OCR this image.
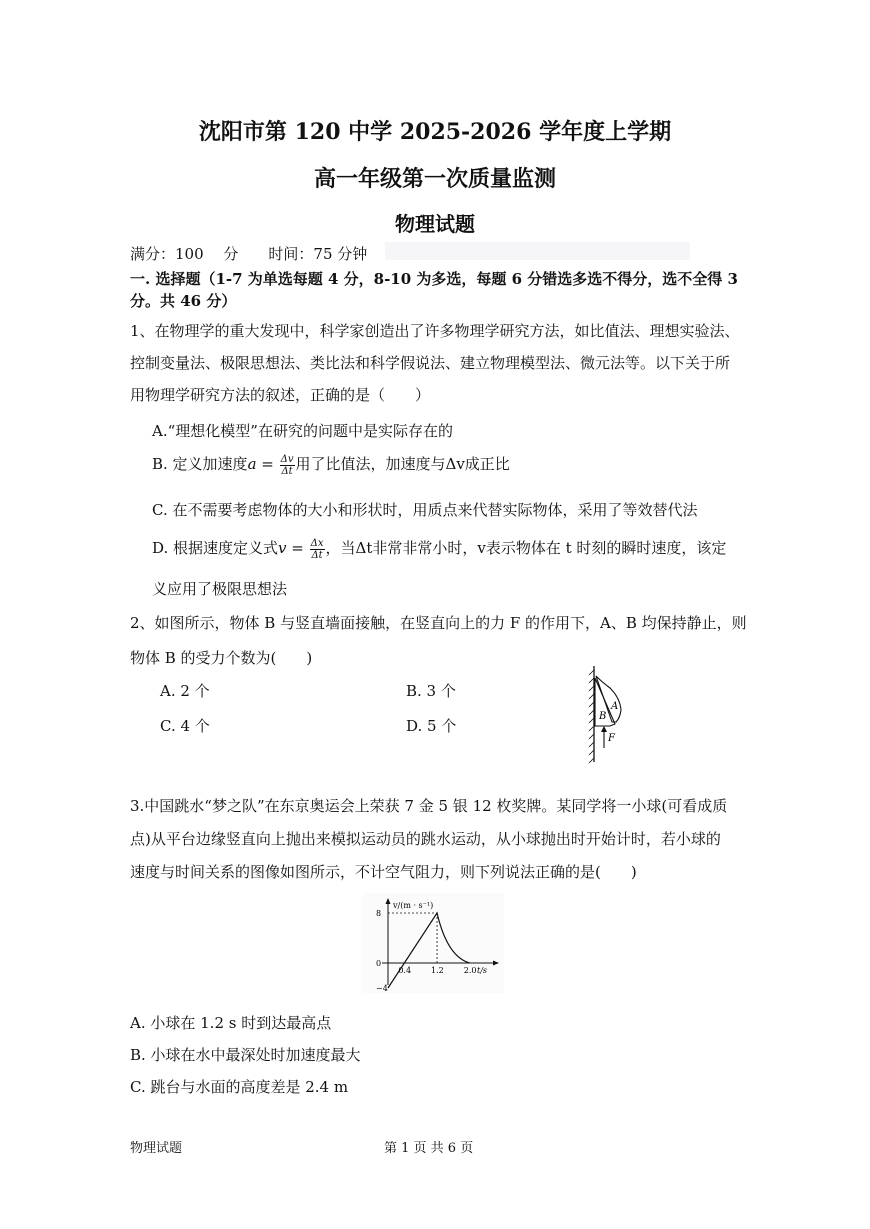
沈阳市第 120 中学 2025-2026 学年度上学期
高一年级第一次质量监测
物理试题
满分：100　 分　　时间：75 分钟
一. 选择题（1-7 为单选每题 4 分，8-10 为多选，每题 6 分错选多选不得分，选不全得 3
分。共 46 分）
1、在物理学的重大发现中，科学家创造出了许多物理学研究方法，如比值法、理想实验法、
控制变量法、极限思想法、类比法和科学假说法、建立物理模型法、微元法等。以下关于所
用物理学研究方法的叙述，正确的是（　　）
A.“理想化模型”在研究的问题中是实际存在的
B. 定义加速度$a = \frac{\Delta v}{\Delta t}$ 用了比值法，加速度与Δv成正比
C. 在不需要考虑物体的大小和形状时，用质点来代替实际物体，采用了等效替代法
D. 根据速度定义式$v = \frac{\Delta x}{\Delta t}$ ，当Δt非常非常小时，v表示物体在 t 时刻的瞬时速度，该定
义应用了极限思想法
2、如图所示，物体 B 与竖直墙面接触，在竖直向上的力 F 的作用下，A、B 均保持静止，则
物体 B 的受力个数为(　　)
A. 2 个	B. 3 个
C. 4 个	D. 5 个
A
B
F
3.中国跳水“梦之队”在东京奥运会上荣获 7 金 5 银 12 枚奖牌。某同学将一小球(可看成质
点)从平台边缘竖直向上抛出来模拟运动员的跳水运动，从小球抛出时开始计时，若小球的
速度与时间关系的图像如图所示，不计空气阻力，则下列说法正确的是(　　)
v/(m · s⁻¹)
t/s
0.4 1.2 2.0
8
0
−4
A. 小球在 1.2 s 时到达最高点
B. 小球在水中最深处时加速度最大
C. 跳台与水面的高度差是 2.4 m
物理试题	第 1 页 共 6 页
